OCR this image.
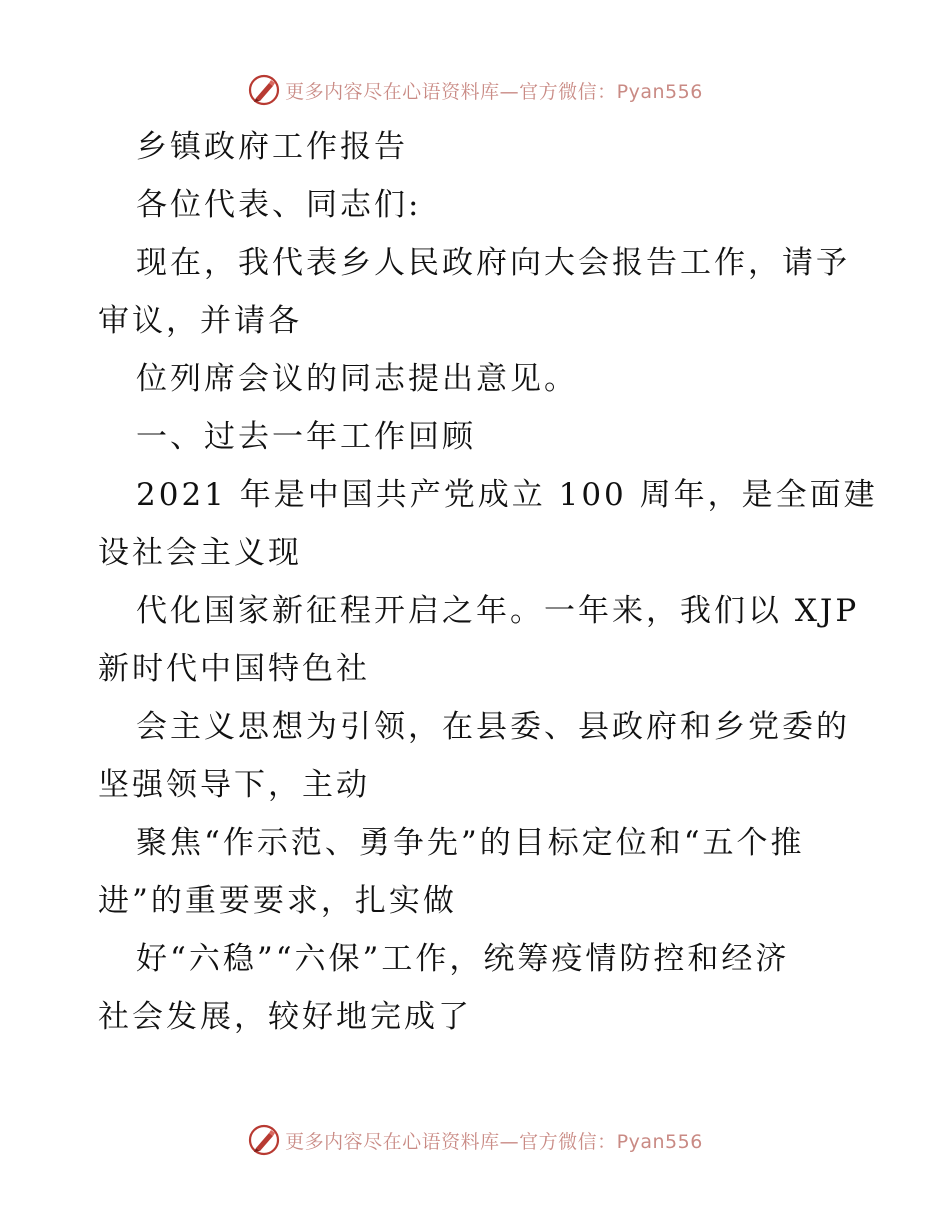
更多内容尽在心语资料库—官方微信：Pyan556

乡镇政府工作报告

各位代表、同志们:

现在，我代表乡人民政府向大会报告工作，请予

审议，并请各

位列席会议的同志提出意见。

一、过去一年工作回顾

2021 年是中国共产党成立 100 周年，是全面建

设社会主义现

代化国家新征程开启之年。一年来，我们以 XJP

新时代中国特色社

会主义思想为引领，在县委、县政府和乡党委的

坚强领导下，主动

聚焦“作示范、勇争先”的目标定位和“五个推

进”的重要要求，扎实做

好“六稳”“六保”工作，统筹疫情防控和经济

社会发展，较好地完成了

更多内容尽在心语资料库—官方微信：Pyan556
